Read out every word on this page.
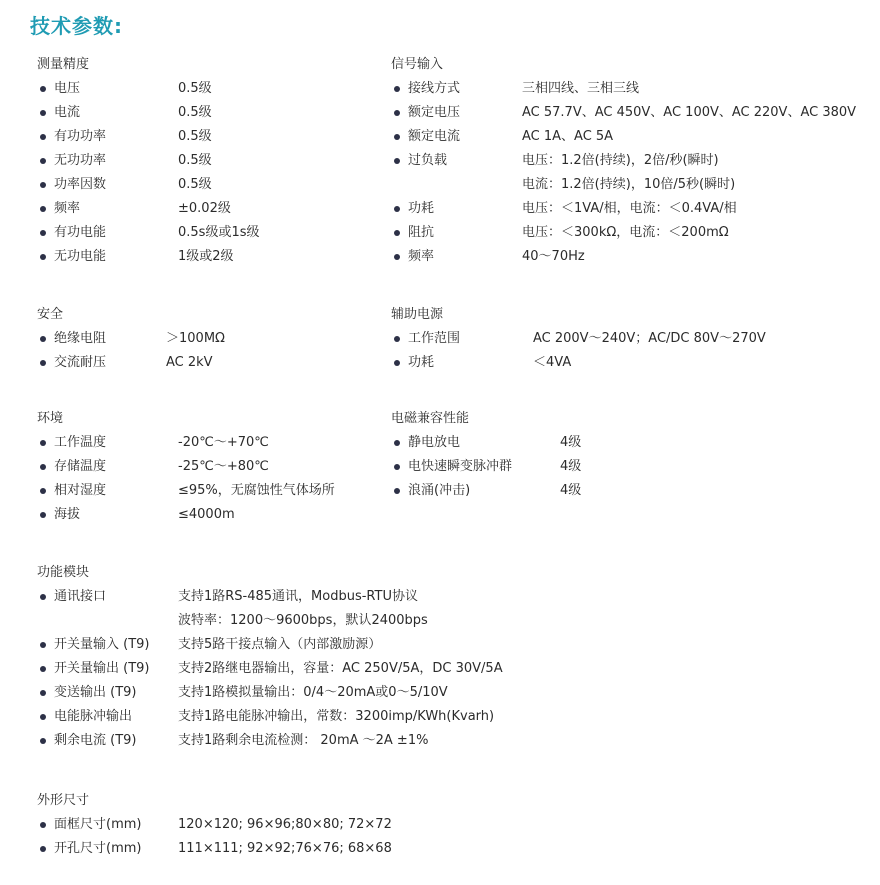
技术参数:
测量精度
电压	0.5级
电流	0.5级
有功功率	0.5级
无功功率	0.5级
功率因数	0.5级
频率	±0.02级
有功电能	0.5s级或1s级
无功电能	1级或2级
信号输入
接线方式	三相四线、三相三线
额定电压	AC 57.7V、AC 450V、AC 100V、AC 220V、AC 380V
额定电流	AC 1A、AC 5A
过负载	电压：1.2倍(持续)，2倍/秒(瞬时)
电流：1.2倍(持续)，10倍/5秒(瞬时)
功耗	电压：＜1VA/相，电流：＜0.4VA/相
阻抗	电压：＜300kΩ，电流：＜200mΩ
频率	40～70Hz
安全
绝缘电阻	＞100MΩ
交流耐压	AC 2kV
辅助电源
工作范围	AC 200V～240V；AC/DC 80V～270V
功耗	＜4VA
环境
工作温度	-20℃～+70℃
存储温度	-25℃～+80℃
相对湿度	≤95%，无腐蚀性气体场所
海拔	≤4000m
电磁兼容性能
静电放电	4级
电快速瞬变脉冲群	4级
浪涌(冲击)	4级
功能模块
通讯接口	支持1路RS-485通讯，Modbus-RTU协议
波特率：1200～9600bps，默认2400bps
开关量输入 (T9) 支持5路干接点输入（内部激励源）
开关量输出 (T9) 支持2路继电器输出，容量：AC 250V/5A，DC 30V/5A
变送输出 (T9)	支持1路模拟量输出：0/4～20mA或0～5/10V
电能脉冲输出	支持1路电能脉冲输出，常数：3200imp/KWh(Kvarh)
剩余电流 (T9)	支持1路剩余电流检测： 20mA ～2A ±1%
外形尺寸
面框尺寸(mm)	120×120; 96×96;80×80; 72×72
开孔尺寸(mm)	111×111; 92×92;76×76; 68×68
